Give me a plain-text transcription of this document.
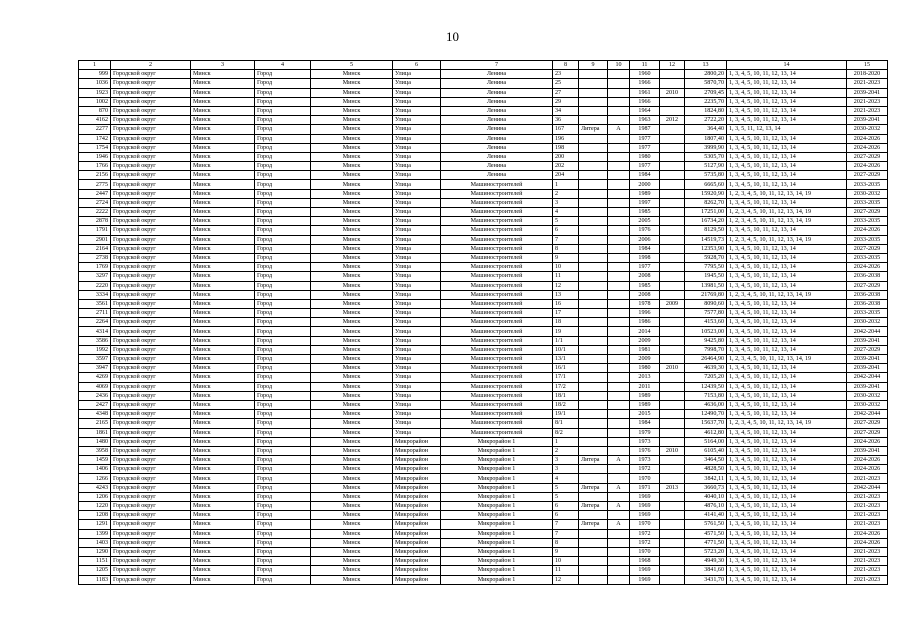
10
1	2	3	4	5	6	7	8	9	10	11	12	13	14	15
999	Городской округ	Минск	Город	Минск	Улица	Ленина	23			1960		2800,20	1, 3, 4, 5, 10, 11, 12, 13, 14	2018-2020
1036	Городской округ	Минск	Город	Минск	Улица	Ленина	25			1966		5870,70	1, 3, 4, 5, 10, 11, 12, 13, 14	2021-2023
1923	Городской округ	Минск	Город	Минск	Улица	Ленина	27			1961	2010	2709,45	1, 3, 4, 5, 10, 11, 12, 13, 14	2039-2041
1002	Городской округ	Минск	Город	Минск	Улица	Ленина	29			1966		2235,70	1, 3, 4, 5, 10, 11, 12, 13, 14	2021-2023
870	Городской округ	Минск	Город	Минск	Улица	Ленина	34			1964		1824,80	1, 3, 4, 5, 10, 11, 12, 13, 14	2021-2023
4162	Городской округ	Минск	Город	Минск	Улица	Ленина	36			1963	2012	2722,20	1, 3, 4, 5, 10, 11, 12, 13, 14	2039-2041
2277	Городской округ	Минск	Город	Минск	Улица	Ленина	167	Литера	А	1987		364,40	1, 3, 5, 11, 12, 13, 14	2030-2032
1742	Городской округ	Минск	Город	Минск	Улица	Ленина	196			1977		1807,40	1, 3, 4, 5, 10, 11, 12, 13, 14	2024-2026
1754	Городской округ	Минск	Город	Минск	Улица	Ленина	198			1977		3999,90	1, 3, 4, 5, 10, 11, 12, 13, 14	2024-2026
1946	Городской округ	Минск	Город	Минск	Улица	Ленина	200			1980		5305,70	1, 3, 4, 5, 10, 11, 12, 13, 14	2027-2029
1766	Городской округ	Минск	Город	Минск	Улица	Ленина	202			1977		5127,90	1, 3, 4, 5, 10, 11, 12, 13, 14	2024-2026
2156	Городской округ	Минск	Город	Минск	Улица	Ленина	204			1984		5735,80	1, 3, 4, 5, 10, 11, 12, 13, 14	2027-2029
2775	Городской округ	Минск	Город	Минск	Улица	Машиностроителей	1			2000		6665,60	1, 3, 4, 5, 10, 11, 12, 13, 14	2033-2035
2447	Городской округ	Минск	Город	Минск	Улица	Машиностроителей	2			1989		15920,90	1, 2, 3, 4, 5, 10, 11, 12, 13, 14, 19	2030-2032
2724	Городской округ	Минск	Город	Минск	Улица	Машиностроителей	3			1997		8262,70	1, 3, 4, 5, 10, 11, 12, 13, 14	2033-2035
2222	Городской округ	Минск	Город	Минск	Улица	Машиностроителей	4			1985		17251,00	1, 2, 3, 4, 5, 10, 11, 12, 13, 14, 19	2027-2029
2878	Городской округ	Минск	Город	Минск	Улица	Машиностроителей	5			2005		16734,20	1, 2, 3, 4, 5, 10, 11, 12, 13, 14, 19	2033-2035
1791	Городской округ	Минск	Город	Минск	Улица	Машиностроителей	6			1976		8129,50	1, 3, 4, 5, 10, 11, 12, 13, 14	2024-2026
2901	Городской округ	Минск	Город	Минск	Улица	Машиностроителей	7			2006		14519,73	1, 2, 3, 4, 5, 10, 11, 12, 13, 14, 19	2033-2035
2164	Городской округ	Минск	Город	Минск	Улица	Машиностроителей	8			1984		12353,90	1, 3, 4, 5, 10, 11, 12, 13, 14	2027-2029
2738	Городской округ	Минск	Город	Минск	Улица	Машиностроителей	9			1998		5928,70	1, 3, 4, 5, 10, 11, 12, 13, 14	2033-2035
1769	Городской округ	Минск	Город	Минск	Улица	Машиностроителей	10			1977		7795,50	1, 3, 4, 5, 10, 11, 12, 13, 14	2024-2026
3297	Городской округ	Минск	Город	Минск	Улица	Машиностроителей	11			2008		1945,50	1, 3, 4, 5, 10, 11, 12, 13, 14	2036-2038
2220	Городской округ	Минск	Город	Минск	Улица	Машиностроителей	12			1985		13981,50	1, 3, 4, 5, 10, 11, 12, 13, 14	2027-2029
3334	Городской округ	Минск	Город	Минск	Улица	Машиностроителей	13			2008		21769,80	1, 2, 3, 4, 5, 10, 11, 12, 13, 14, 19	2036-2038
3561	Городской округ	Минск	Город	Минск	Улица	Машиностроителей	16			1978	2009	8090,60	1, 3, 4, 5, 10, 11, 12, 13, 14	2036-2038
2711	Городской округ	Минск	Город	Минск	Улица	Машиностроителей	17			1996		7577,80	1, 3, 4, 5, 10, 11, 12, 13, 14	2033-2035
2264	Городской округ	Минск	Город	Минск	Улица	Машиностроителей	18			1986		4153,60	1, 3, 4, 5, 10, 11, 12, 13, 14	2030-2032
4314	Городской округ	Минск	Город	Минск	Улица	Машиностроителей	19			2014		10523,00	1, 3, 4, 5, 10, 11, 12, 13, 14	2042-2044
3586	Городской округ	Минск	Город	Минск	Улица	Машиностроителей	1/1			2009		9425,80	1, 3, 4, 5, 10, 11, 12, 13, 14	2039-2041
1992	Городской округ	Минск	Город	Минск	Улица	Машиностроителей	10/1			1981		7998,70	1, 3, 4, 5, 10, 11, 12, 13, 14	2027-2029
3597	Городской округ	Минск	Город	Минск	Улица	Машиностроителей	13/1			2009		26464,90	1, 2, 3, 4, 5, 10, 11, 12, 13, 14, 19	2039-2041
3947	Городской округ	Минск	Город	Минск	Улица	Машиностроителей	16/1			1980	2010	4639,30	1, 3, 4, 5, 10, 11, 12, 13, 14	2039-2041
4269	Городской округ	Минск	Город	Минск	Улица	Машиностроителей	17/1			2013		7205,20	1, 3, 4, 5, 10, 11, 12, 13, 14	2042-2044
4069	Городской округ	Минск	Город	Минск	Улица	Машиностроителей	17/2			2011		12439,50	1, 3, 4, 5, 10, 11, 12, 13, 14	2039-2041
2436	Городской округ	Минск	Город	Минск	Улица	Машиностроителей	18/1			1989		7153,80	1, 3, 4, 5, 10, 11, 12, 13, 14	2030-2032
2427	Городской округ	Минск	Город	Минск	Улица	Машиностроителей	18/2			1989		4636,00	1, 3, 4, 5, 10, 11, 12, 13, 14	2030-2032
4348	Городской округ	Минск	Город	Минск	Улица	Машиностроителей	19/1			2015		12490,70	1, 3, 4, 5, 10, 11, 12, 13, 14	2042-2044
2165	Городской округ	Минск	Город	Минск	Улица	Машиностроителей	8/1			1984		15637,70	1, 2, 3, 4, 5, 10, 11, 12, 13, 14, 19	2027-2029
1861	Городской округ	Минск	Город	Минск	Улица	Машиностроителей	8/2			1979		4612,80	1, 3, 4, 5, 10, 11, 12, 13, 14	2027-2029
1480	Городской округ	Минск	Город	Минск	Микрорайон	Микрорайон 1	1			1973		5164,00	1, 3, 4, 5, 10, 11, 12, 13, 14	2024-2026
3958	Городской округ	Минск	Город	Минск	Микрорайон	Микрорайон 1	2			1976	2010	6105,40	1, 3, 4, 5, 10, 11, 12, 13, 14	2039-2041
1459	Городской округ	Минск	Город	Минск	Микрорайон	Микрорайон 1	3	Литера	А	1973		3464,50	1, 3, 4, 5, 10, 11, 12, 13, 14	2024-2026
1406	Городской округ	Минск	Город	Минск	Микрорайон	Микрорайон 1	3			1972		4828,50	1, 3, 4, 5, 10, 11, 12, 13, 14	2024-2026
1266	Городской округ	Минск	Город	Минск	Микрорайон	Микрорайон 1	4			1970		3842,11	1, 3, 4, 5, 10, 11, 12, 13, 14	2021-2023
4243	Городской округ	Минск	Город	Минск	Микрорайон	Микрорайон 1	5	Литера	А	1971	2013	3660,73	1, 3, 4, 5, 10, 11, 12, 13, 14	2042-2044
1206	Городской округ	Минск	Город	Минск	Микрорайон	Микрорайон 1	5			1969		4040,10	1, 3, 4, 5, 10, 11, 12, 13, 14	2021-2023
1220	Городской округ	Минск	Город	Минск	Микрорайон	Микрорайон 1	6	Литера	А	1969		4876,10	1, 3, 4, 5, 10, 11, 12, 13, 14	2021-2023
1208	Городской округ	Минск	Город	Минск	Микрорайон	Микрорайон 1	6			1969		4141,40	1, 3, 4, 5, 10, 11, 12, 13, 14	2021-2023
1291	Городской округ	Минск	Город	Минск	Микрорайон	Микрорайон 1	7	Литера	А	1970		5761,50	1, 3, 4, 5, 10, 11, 12, 13, 14	2021-2023
1399	Городской округ	Минск	Город	Минск	Микрорайон	Микрорайон 1	7			1972		4571,50	1, 3, 4, 5, 10, 11, 12, 13, 14	2024-2026
1403	Городской округ	Минск	Город	Минск	Микрорайон	Микрорайон 1	8			1972		4771,50	1, 3, 4, 5, 10, 11, 12, 13, 14	2024-2026
1290	Городской округ	Минск	Город	Минск	Микрорайон	Микрорайон 1	9			1970		5723,20	1, 3, 4, 5, 10, 11, 12, 13, 14	2021-2023
1151	Городской округ	Минск	Город	Минск	Микрорайон	Микрорайон 1	10			1968		4949,30	1, 3, 4, 5, 10, 11, 12, 13, 14	2021-2023
1205	Городской округ	Минск	Город	Минск	Микрорайон	Микрорайон 1	11			1969		3841,60	1, 3, 4, 5, 10, 11, 12, 13, 14	2021-2023
1183	Городской округ	Минск	Город	Минск	Микрорайон	Микрорайон 1	12			1969		3431,70	1, 3, 4, 5, 10, 11, 12, 13, 14	2021-2023
